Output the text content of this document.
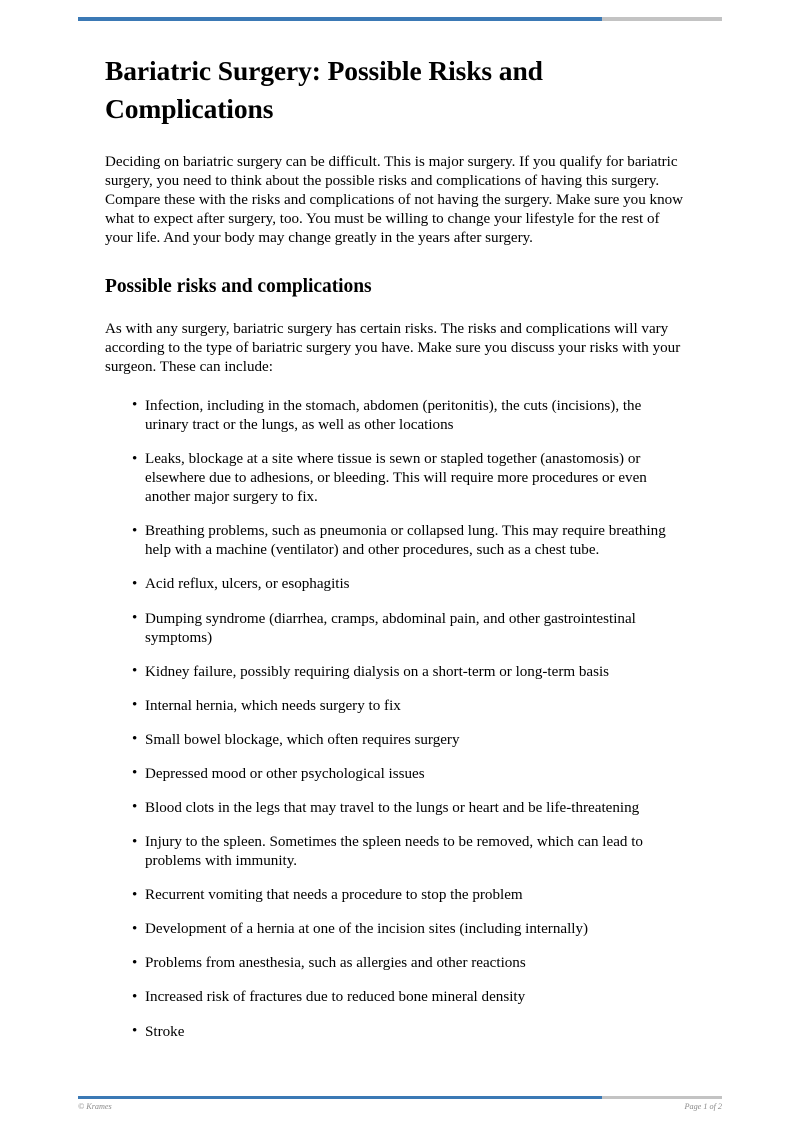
Bariatric Surgery: Possible Risks and Complications

Deciding on bariatric surgery can be difficult. This is major surgery. If you qualify for bariatric surgery, you need to think about the possible risks and complications of having this surgery. Compare these with the risks and complications of not having the surgery. Make sure you know what to expect after surgery, too. You must be willing to change your lifestyle for the rest of your life. And your body may change greatly in the years after surgery.

Possible risks and complications

As with any surgery, bariatric surgery has certain risks. The risks and complications will vary according to the type of bariatric surgery you have. Make sure you discuss your risks with your surgeon. These can include:

• Infection, including in the stomach, abdomen (peritonitis), the cuts (incisions), the urinary tract or the lungs, as well as other locations
• Leaks, blockage at a site where tissue is sewn or stapled together (anastomosis) or elsewhere due to adhesions, or bleeding. This will require more procedures or even another major surgery to fix.
• Breathing problems, such as pneumonia or collapsed lung. This may require breathing help with a machine (ventilator) and other procedures, such as a chest tube.
• Acid reflux, ulcers, or esophagitis
• Dumping syndrome (diarrhea, cramps, abdominal pain, and other gastrointestinal symptoms)
• Kidney failure, possibly requiring dialysis on a short-term or long-term basis
• Internal hernia, which needs surgery to fix
• Small bowel blockage, which often requires surgery
• Depressed mood or other psychological issues
• Blood clots in the legs that may travel to the lungs or heart and be life-threatening
• Injury to the spleen. Sometimes the spleen needs to be removed, which can lead to problems with immunity.
• Recurrent vomiting that needs a procedure to stop the problem
• Development of a hernia at one of the incision sites (including internally)
• Problems from anesthesia, such as allergies and other reactions
• Increased risk of fractures due to reduced bone mineral density
• Stroke
© Krames	Page 1 of 2
